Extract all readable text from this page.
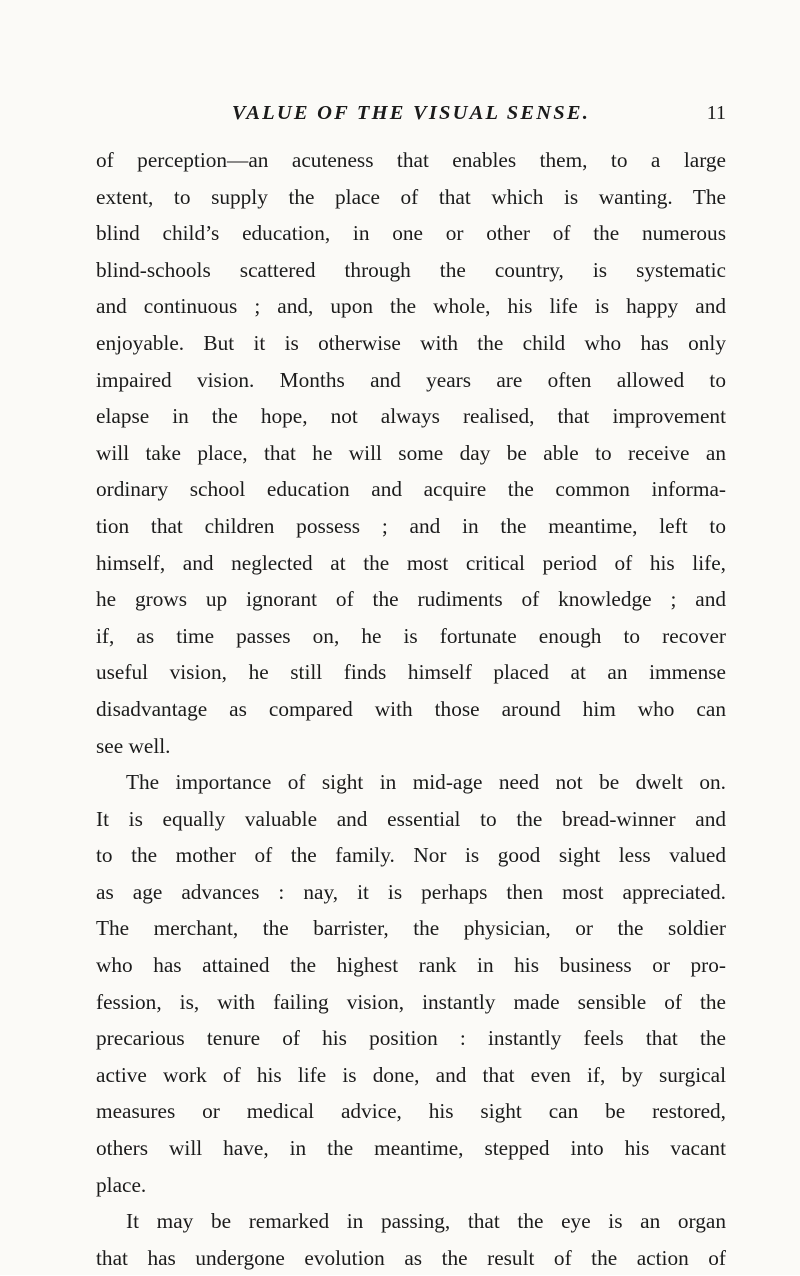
VALUE OF THE VISUAL SENSE.	11
of perception—an acuteness that enables them, to a large
extent, to supply the place of that which is wanting. The
blind child’s education, in one or other of the numerous
blind-schools scattered through the country, is systematic
and continuous ; and, upon the whole, his life is happy and
enjoyable. But it is otherwise with the child who has only
impaired vision. Months and years are often allowed to
elapse in the hope, not always realised, that improvement
will take place, that he will some day be able to receive an
ordinary school education and acquire the common informa-
tion that children possess ; and in the meantime, left to
himself, and neglected at the most critical period of his life,
he grows up ignorant of the rudiments of knowledge ; and
if, as time passes on, he is fortunate enough to recover
useful vision, he still finds himself placed at an immense
disadvantage as compared with those around him who can
see well.
The importance of sight in mid-age need not be dwelt on.
It is equally valuable and essential to the bread-winner and
to the mother of the family. Nor is good sight less valued
as age advances : nay, it is perhaps then most appreciated.
The merchant, the barrister, the physician, or the soldier
who has attained the highest rank in his business or pro-
fession, is, with failing vision, instantly made sensible of the
precarious tenure of his position : instantly feels that the
active work of his life is done, and that even if, by surgical
measures or medical advice, his sight can be restored,
others will have, in the meantime, stepped into his vacant
place.
It may be remarked in passing, that the eye is an organ
that has undergone evolution as the result of the action of
